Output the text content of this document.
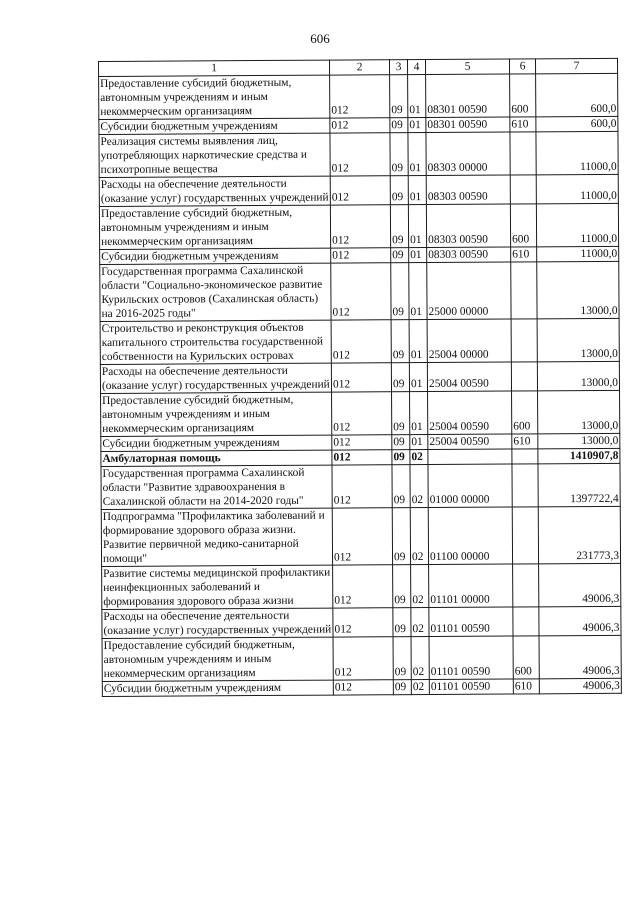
606
1	2	3	4	5	6	7
Предоставление субсидий бюджетным, автономным учреждениям и иным некоммерческим организациям	012	09	01	08301 00590	600	600,0
Субсидии бюджетным учреждениям	012	09	01	08301 00590	610	600,0
Реализация системы выявления лиц, употребляющих наркотические средства и психотропные вещества	012	09	01	08303 00000		11000,0
Расходы на обеспечение деятельности (оказание услуг) государственных учреждений	012	09	01	08303 00590		11000,0
Предоставление субсидий бюджетным, автономным учреждениям и иным некоммерческим организациям	012	09	01	08303 00590	600	11000,0
Субсидии бюджетным учреждениям	012	09	01	08303 00590	610	11000,0
Государственная программа Сахалинской области "Социально-экономическое развитие Курильских островов (Сахалинская область) на 2016-2025 годы"	012	09	01	25000 00000		13000,0
Строительство и реконструкция объектов капитального строительства государственной собственности на Курильских островах	012	09	01	25004 00000		13000,0
Расходы на обеспечение деятельности (оказание услуг) государственных учреждений	012	09	01	25004 00590		13000,0
Предоставление субсидий бюджетным, автономным учреждениям и иным некоммерческим организациям	012	09	01	25004 00590	600	13000,0
Субсидии бюджетным учреждениям	012	09	01	25004 00590	610	13000,0
Амбулаторная помощь	012	09	02			1410907,8
Государственная программа Сахалинской области "Развитие здравоохранения в Сахалинской области на 2014-2020 годы"	012	09	02	01000 00000		1397722,4
Подпрограмма "Профилактика заболеваний и формирование здорового образа жизни. Развитие первичной медико-санитарной помощи"	012	09	02	01100 00000		231773,3
Развитие системы медицинской профилактики неинфекционных заболеваний и формирования здорового образа жизни	012	09	02	01101 00000		49006,3
Расходы на обеспечение деятельности (оказание услуг) государственных учреждений	012	09	02	01101 00590		49006,3
Предоставление субсидий бюджетным, автономным учреждениям и иным некоммерческим организациям	012	09	02	01101 00590	600	49006,3
Субсидии бюджетным учреждениям	012	09	02	01101 00590	610	49006,3
